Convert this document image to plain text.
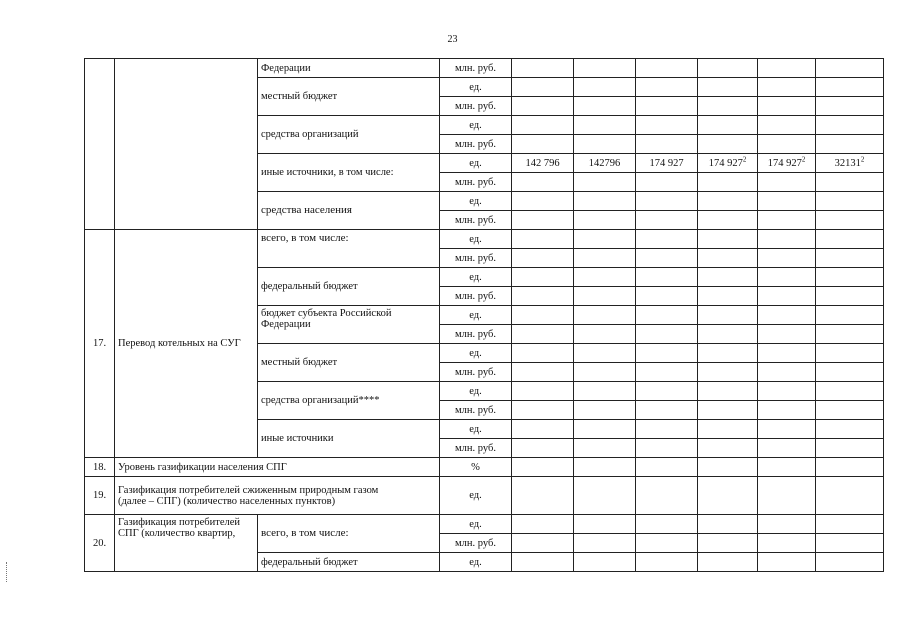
23
		Федерации	млн. руб.						
		местный бюджет	ед.						
			млн. руб.						
		средства организаций	ед.						
			млн. руб.						
		иные источники, в том числе:	ед.	142 796	142796	174 927	174 $927^2$	174 $927^2$	32131$^2$
			млн. руб.						
		средства населения	ед.						
			млн. руб.						
17.	Перевод котельных на СУГ	всего, в том числе:	ед.						
			млн. руб.						
		федеральный бюджет	ед.						
			млн. руб.						
		бюджет субъекта Российской Федерации	ед.						
			млн. руб.						
		местный бюджет	ед.						
			млн. руб.						
		средства организаций****	ед.						
			млн. руб.						
		иные источники	ед.						
			млн. руб.						
18.	Уровень газификации населения СПГ		%						
19.	Газификация потребителей сжиженным природным газом (далее – СПГ) (количество населенных пунктов)		ед.						
20.	Газификация потребителей СПГ (количество квартир,	всего, в том числе:	ед.						
			млн. руб.						
		федеральный бюджет	ед.						
